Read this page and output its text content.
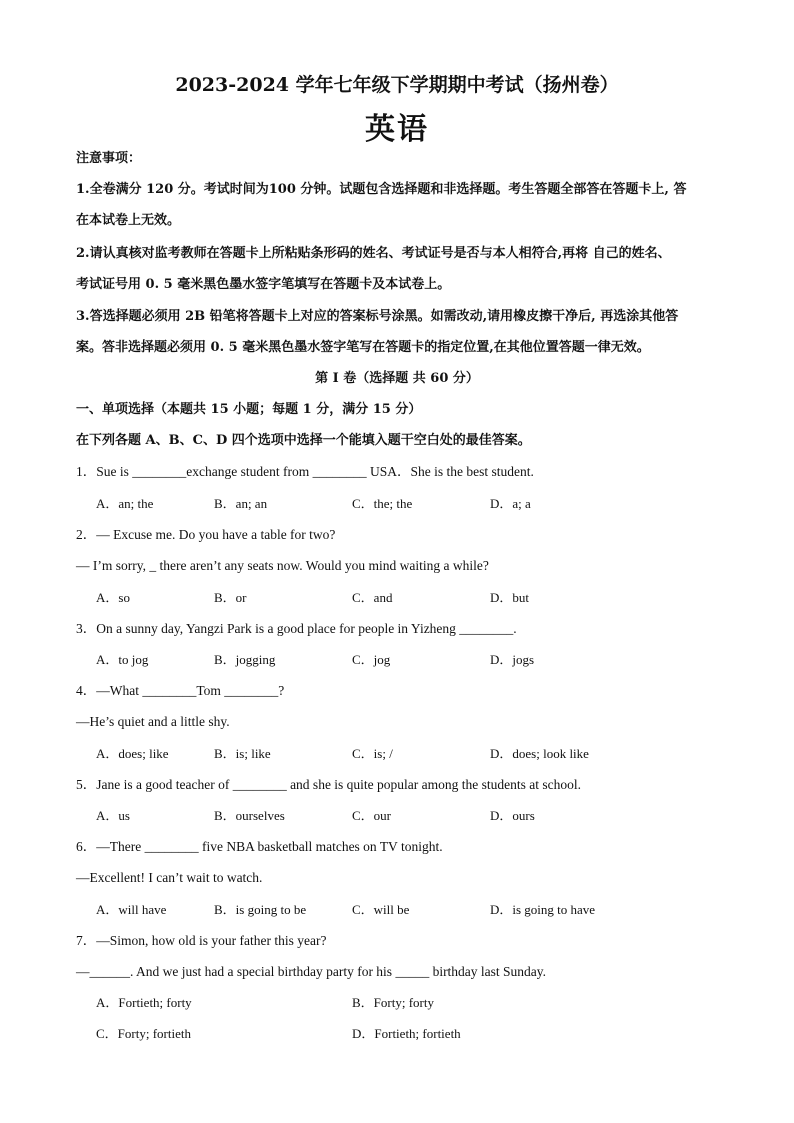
2023-2024 学年七年级下学期期中考试（扬州卷）
英语
注意事项：
1.全卷满分 120 分。考试时间为100 分钟。试题包含选择题和非选择题。考生答题全部答在答题卡上, 答
在本试卷上无效。
2.请认真核对监考教师在答题卡上所粘贴条形码的姓名、考试证号是否与本人相符合,再将 自己的姓名、
考试证号用 0. 5 毫米黑色墨水签字笔填写在答题卡及本试卷上。
3.答选择题必须用 2B 铅笔将答题卡上对应的答案标号涂黑。如需改动,请用橡皮擦干净后, 再选涂其他答
案。答非选择题必须用 0. 5 毫米黑色墨水签字笔写在答题卡的指定位置,在其他位置答题一律无效。
第 I 卷（选择题 共 60 分）
一、单项选择（本题共 15 小题；每题 1 分，满分 15 分）
在下列各题 A、B、C、D 四个选项中选择一个能填入题干空白处的最佳答案。
1．Sue is ________exchange student from ________ USA．She is the best student.
A．an; the	B．an; an	C．the; the	D．a; a
2．— Excuse me. Do you have a table for two?
— I’m sorry, _ there aren’t any seats now. Would you mind waiting a while?
A．so	B．or	C．and	D．but
3．On a sunny day, Yangzi Park is a good place for people in Yizheng ________.
A．to jog	B．jogging	C．jog	D．jogs
4．—What ________Tom ________?
—He’s quiet and a little shy.
A．does; like	B．is; like	C．is; /	D．does; look like
5．Jane is a good teacher of ________ and she is quite popular among the students at school.
A．us	B．ourselves	C．our	D．ours
6．—There ________ five NBA basketball matches on TV tonight.
—Excellent! I can’t wait to watch.
A．will have	B．is going to be	C．will be	D．is going to have
7．—Simon, how old is your father this year?
—______. And we just had a special birthday party for his _____ birthday last Sunday.
A．Fortieth; forty	B．Forty; forty
C．Forty; fortieth	D．Fortieth; fortieth
